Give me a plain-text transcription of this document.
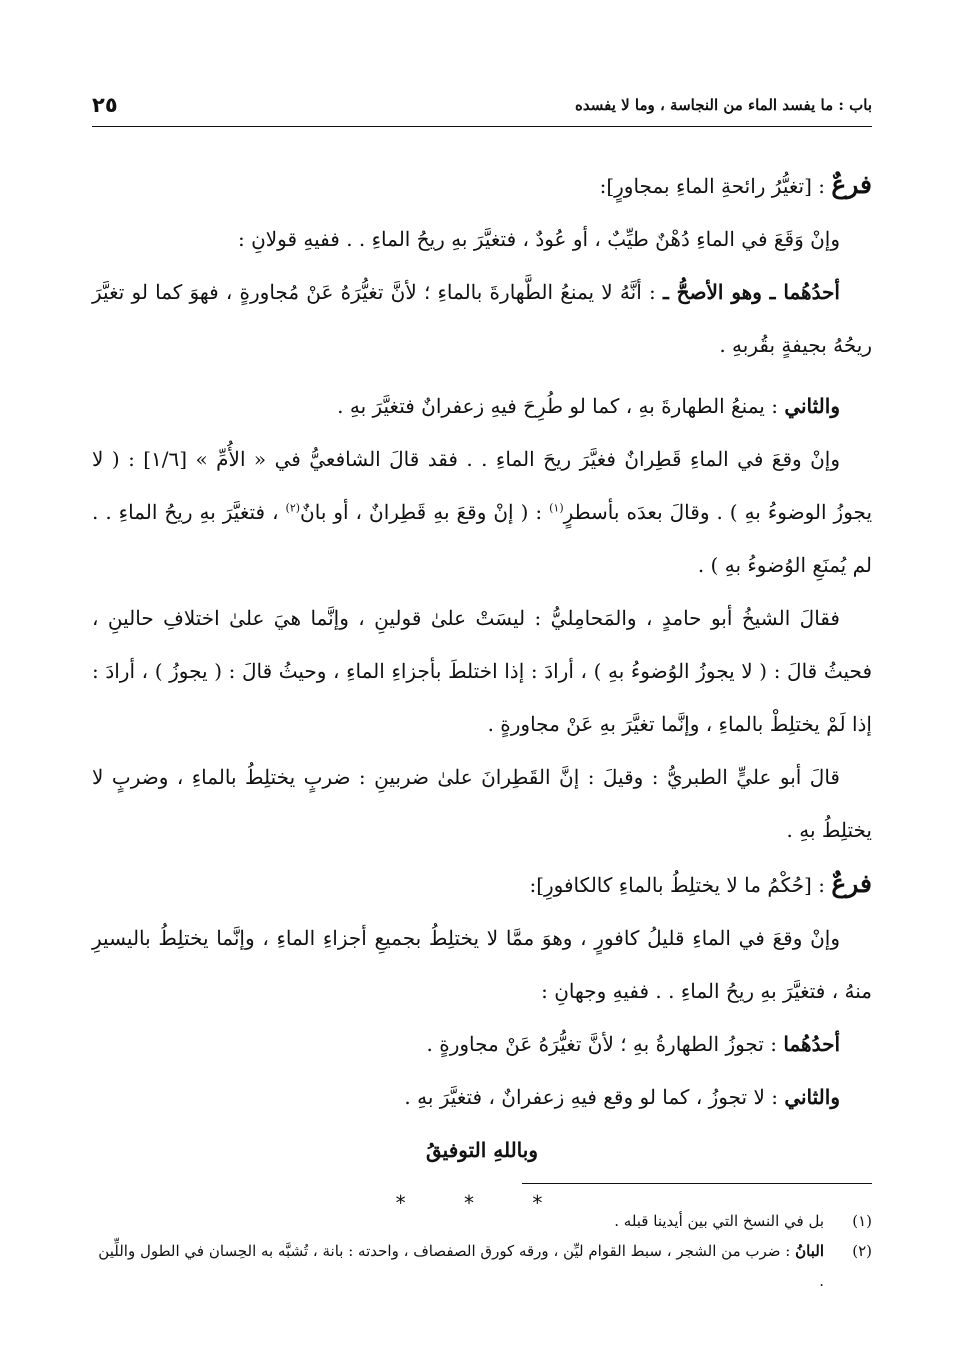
باب : ما يفسد الماء من النجاسة ، وما لا يفسده
٢٥

فرعٌ : [تغيُّرُ رائحةِ الماءِ بمجاورٍ]:

وإنْ وَقَعَ في الماءِ دُهْنٌ طيِّبٌ ، أو عُودٌ ، فتغيَّرَ بهِ ريحُ الماءِ . . ففيهِ قولانِ :

أحدُهُما ـ وهو الأصحُّ ـ : أنَّهُ لا يمنعُ الطَّهارةَ بالماءِ ؛ لأنَّ تغيُّرَهُ عَنْ مُجاورةٍ ، فهوَ كما لو تغيَّرَ ريحُهُ بجيفةٍ بقُربهِ .

والثاني : يمنعُ الطهارةَ بهِ ، كما لو طُرِحَ فيهِ زعفرانٌ فتغيَّرَ بهِ .

وإنْ وقعَ في الماءِ قَطِرانٌ فغيَّرَ ريحَ الماءِ . . فقد قالَ الشافعيُّ في « الأُمِّ » [١/٦] : ( لا يجوزُ الوضوءُ بهِ ) . وقالَ بعدَه بأسطرٍ$^{(١)}$ : ( إنْ وقعَ بهِ قَطِرانٌ ، أو بانٌ$^{(٢)}$ ، فتغيَّرَ بهِ ريحُ الماءِ . . لم يُمنَعِ الوُضوءُ بهِ ) .

فقالَ الشيخُ أبو حامدٍ ، والمَحامِليُّ : ليسَتْ علىٰ قولينِ ، وإنَّما هيَ علىٰ اختلافِ حالينِ ، فحيثُ قالَ : ( لا يجوزُ الوُضوءُ بهِ ) ، أرادَ : إذا اختلطَ بأجزاءِ الماءِ ، وحيثُ قالَ : ( يجوزُ ) ، أرادَ : إذا لَمْ يختلِطْ بالماءِ ، وإنَّما تغيَّرَ بهِ عَنْ مجاورةٍ .

قالَ أبو عليٍّ الطبريُّ : وقيلَ : إنَّ القَطِرانَ علىٰ ضربينِ : ضربٍ يختلِطُ بالماءِ ، وضربٍ لا يختلِطُ بهِ .

فرعٌ : [حُكْمُ ما لا يختلِطُ بالماءِ كالكافورِ]:

وإنْ وقعَ في الماءِ قليلُ كافورٍ ، وهوَ ممَّا لا يختلِطُ بجميعِ أجزاءِ الماءِ ، وإنَّما يختلِطُ باليسيرِ منهُ ، فتغيَّرَ بهِ ريحُ الماءِ . . ففيهِ وجهانِ :

أحدُهُما : تجوزُ الطهارةُ بهِ ؛ لأنَّ تغيُّرَهُ عَنْ مجاورةٍ .

والثاني : لا تجوزُ ، كما لو وقع فيهِ زعفرانٌ ، فتغيَّرَ بهِ .

وباللهِ التوفيقُ

* * *

(١)
بل في النسخ التي بين أيدينا قبله .
(٢)
البانُ : ضرب من الشجر ، سبط القوام ليِّن ، ورقه كورق الصفصاف ، واحدته : بانة ، تُشبَّه به الحِسان في الطول واللِّين .
